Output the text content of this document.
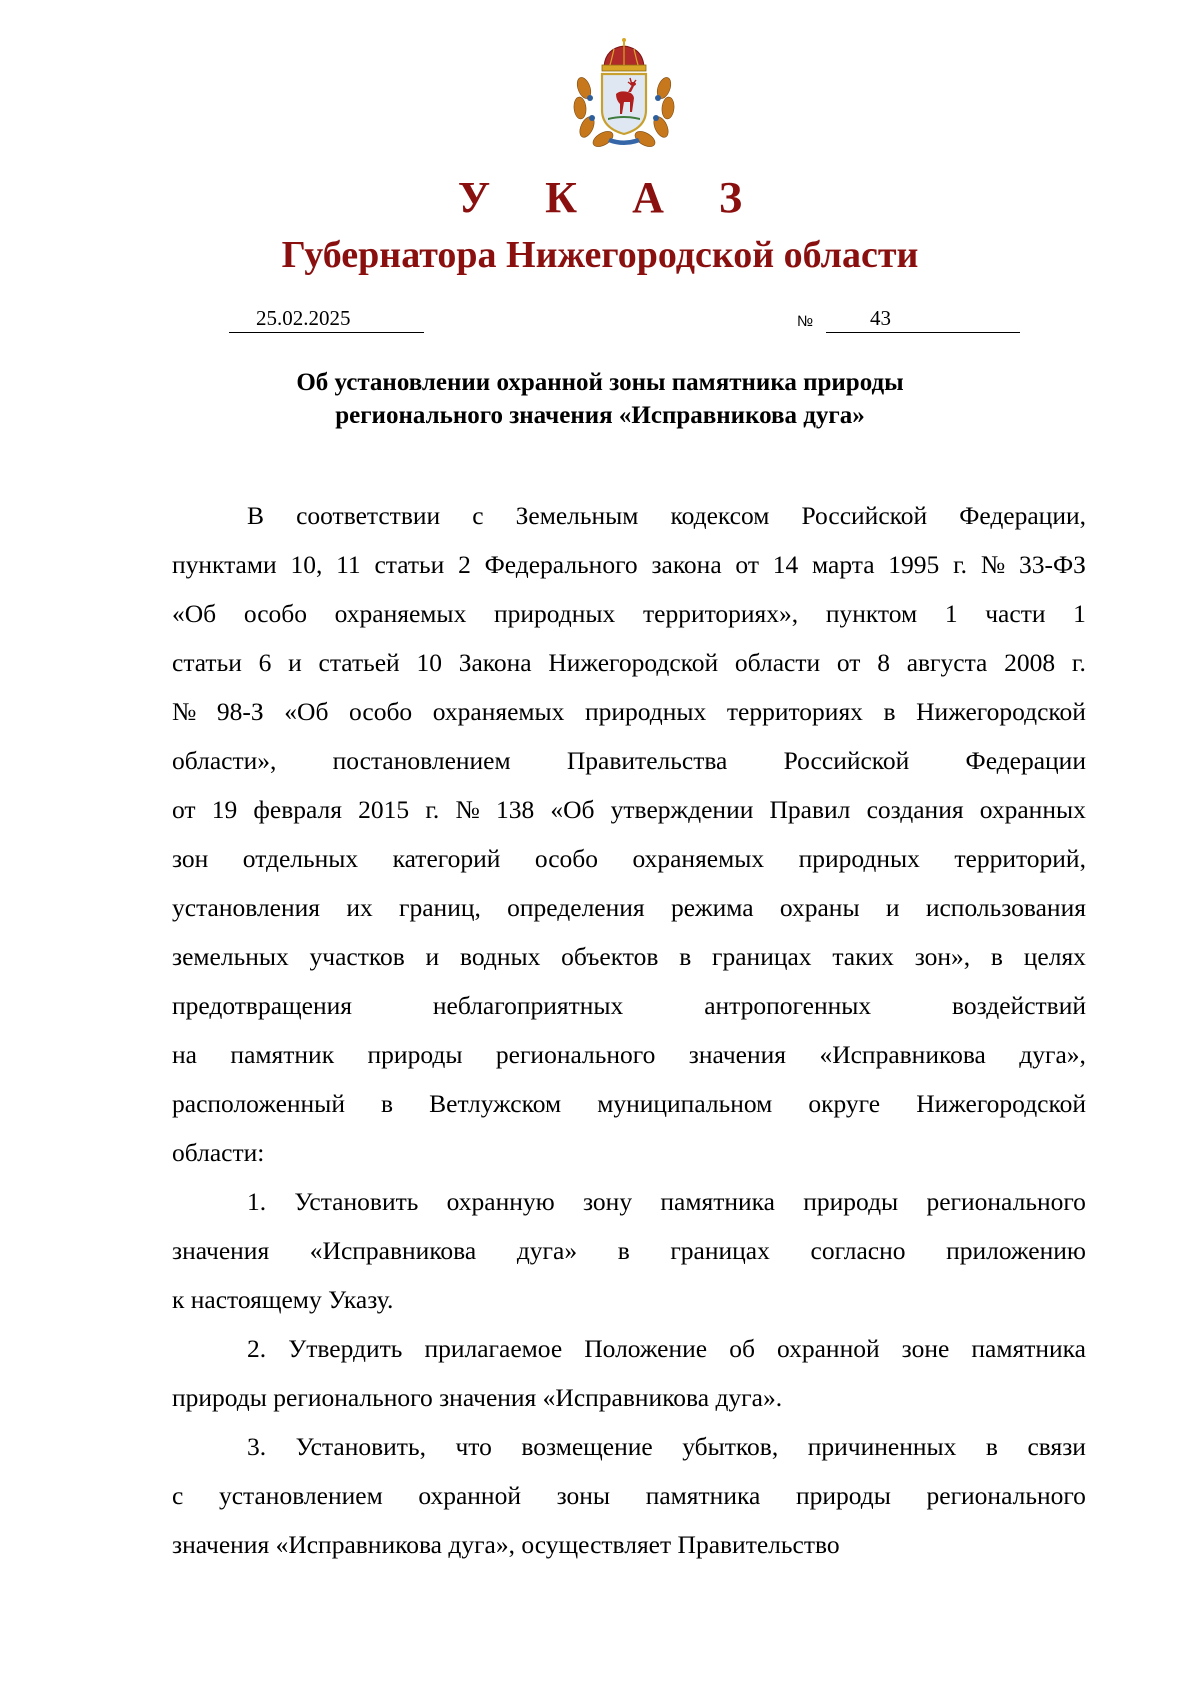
У К А З
Губернатора Нижегородской области
25.02.2025	№	43
Об установлении охранной зоны памятника природы
регионального значения «Исправникова дуга»
В соответствии с Земельным кодексом Российской Федерации,
пунктами 10, 11 статьи 2 Федерального закона от 14 марта 1995 г. № 33-ФЗ
«Об особо охраняемых природных территориях», пунктом 1 части 1
статьи 6 и статьей 10 Закона Нижегородской области от 8 августа 2008 г.
№ 98-З «Об особо охраняемых природных территориях в Нижегородской
области», постановлением Правительства Российской Федерации
от 19 февраля 2015 г. № 138 «Об утверждении Правил создания охранных
зон отдельных категорий особо охраняемых природных территорий,
установления их границ, определения режима охраны и использования
земельных участков и водных объектов в границах таких зон», в целях
предотвращения	неблагоприятных	антропогенных	воздействий
на памятник природы регионального значения «Исправникова дуга»,
расположенный в Ветлужском муниципальном округе Нижегородской
области:
1. Установить охранную зону памятника природы регионального
значения «Исправникова дуга» в границах согласно приложению
к настоящему Указу.
2. Утвердить прилагаемое Положение об охранной зоне памятника
природы регионального значения «Исправникова дуга».
3. Установить, что возмещение убытков, причиненных в связи
с установлением охранной зоны памятника природы регионального
значения «Исправникова дуга», осуществляет Правительство
